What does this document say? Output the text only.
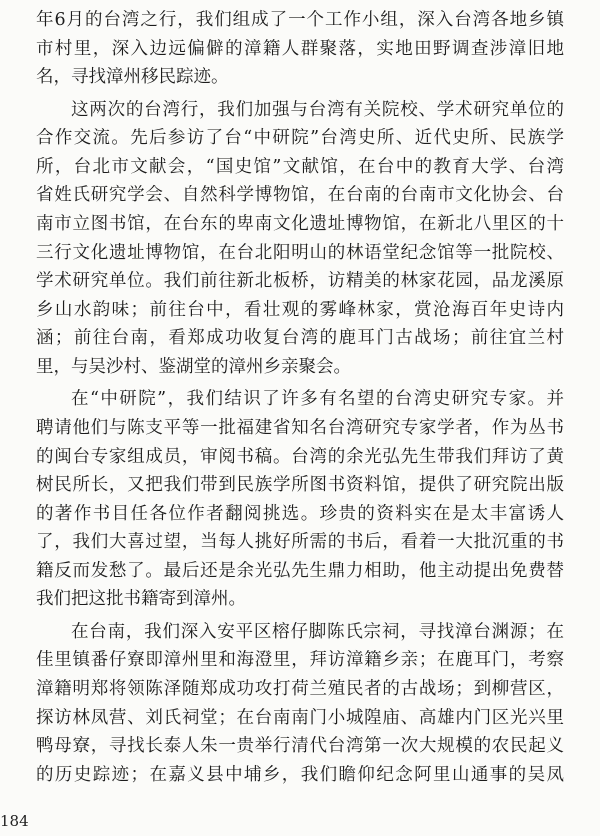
年6月的台湾之行，我们组成了一个工作小组，深入台湾各地乡镇
市村里，深入边远偏僻的漳籍人群聚落，实地田野调查涉漳旧地
名，寻找漳州移民踪迹。

这两次的台湾行，我们加强与台湾有关院校、学术研究单位的
合作交流。先后参访了台“中研院”台湾史所、近代史所、民族学
所，台北市文献会，“国史馆”文献馆，在台中的教育大学、台湾
省姓氏研究学会、自然科学博物馆，在台南的台南市文化协会、台
南市立图书馆，在台东的卑南文化遗址博物馆，在新北八里区的十
三行文化遗址博物馆，在台北阳明山的林语堂纪念馆等一批院校、
学术研究单位。我们前往新北板桥，访精美的林家花园，品龙溪原
乡山水韵味；前往台中，看壮观的雾峰林家，赏沧海百年史诗内
涵；前往台南，看郑成功收复台湾的鹿耳门古战场；前往宜兰村
里，与吴沙村、鉴湖堂的漳州乡亲聚会。

在“中研院”，我们结识了许多有名望的台湾史研究专家。并
聘请他们与陈支平等一批福建省知名台湾研究专家学者，作为丛书
的闽台专家组成员，审阅书稿。台湾的余光弘先生带我们拜访了黄
树民所长，又把我们带到民族学所图书资料馆，提供了研究院出版
的著作书目任各位作者翻阅挑选。珍贵的资料实在是太丰富诱人
了，我们大喜过望，当每人挑好所需的书后，看着一大批沉重的书
籍反而发愁了。最后还是余光弘先生鼎力相助，他主动提出免费替
我们把这批书籍寄到漳州。

在台南，我们深入安平区榕仔脚陈氏宗祠，寻找漳台渊源；在
佳里镇番仔寮即漳州里和海澄里，拜访漳籍乡亲；在鹿耳门，考察
漳籍明郑将领陈泽随郑成功攻打荷兰殖民者的古战场；到柳营区，
探访林凤营、刘氏祠堂；在台南南门小城隍庙、高雄内门区光兴里
鸭母寮，寻找长泰人朱一贵举行清代台湾第一次大规模的农民起义
的历史踪迹；在嘉义县中埔乡，我们瞻仰纪念阿里山通事的吴凤

184
